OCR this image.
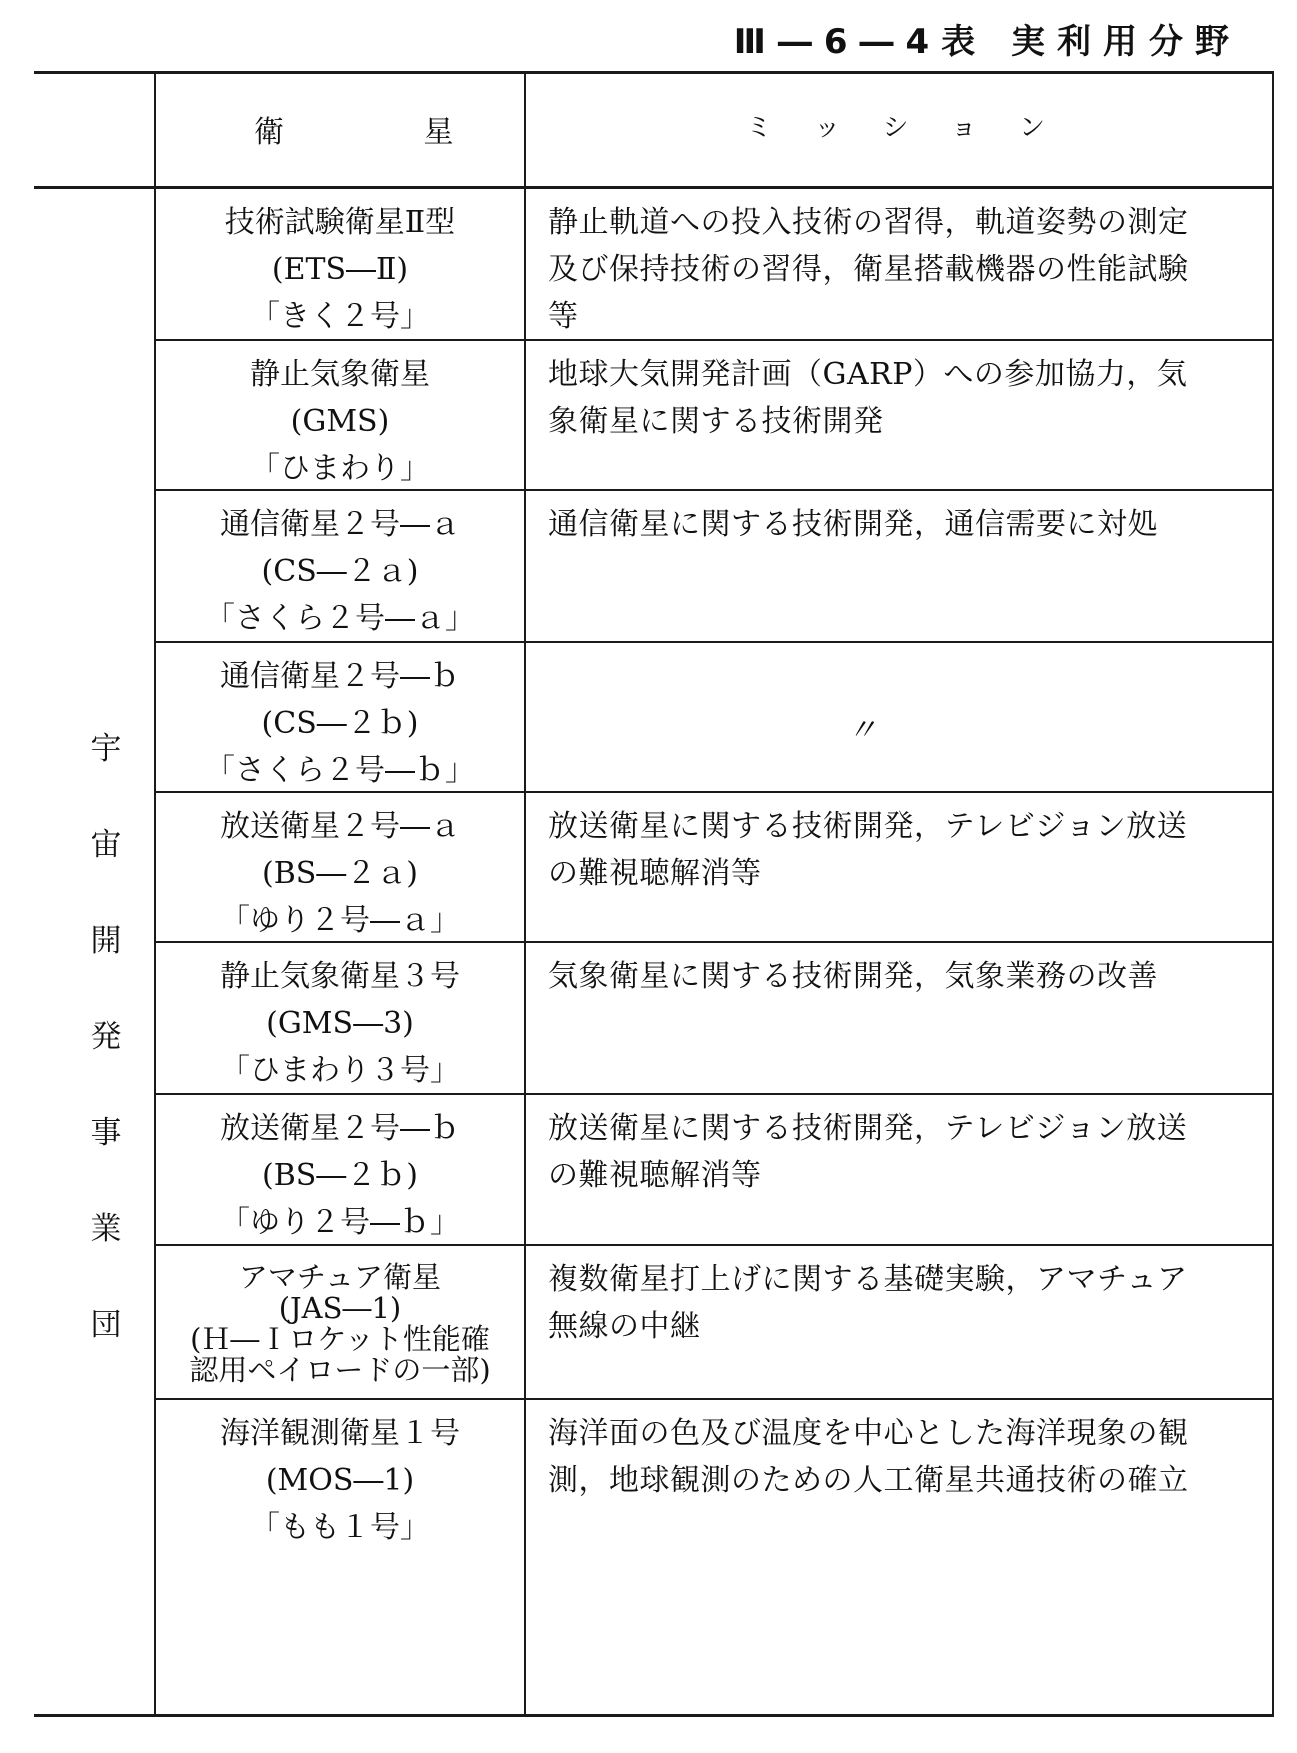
Ⅲ―6―4表 実利用分野
衛 星	ミ ッ シ ョ ン
宇
宙
開
発
事
業
団
技術試験衛星Ⅱ型
(ETS―Ⅱ)
「きく２号」
静止軌道への投入技術の習得，軌道姿勢の測定
及び保持技術の習得，衛星搭載機器の性能試験
等
静止気象衛星
(GMS)
「ひまわり」
地球大気開発計画（GARP）への参加協力，気
象衛星に関する技術開発
通信衛星２号―ａ
(CS―２ａ)
「さくら２号―ａ」
通信衛星に関する技術開発，通信需要に対処
通信衛星２号―ｂ
(CS―２ｂ)
「さくら２号―ｂ」
〃
放送衛星２号―ａ
(BS―２ａ)
「ゆり２号―ａ」
放送衛星に関する技術開発，テレビジョン放送
の難視聴解消等
静止気象衛星３号
(GMS―3)
「ひまわり３号」
気象衛星に関する技術開発，気象業務の改善
放送衛星２号―ｂ
(BS―２ｂ)
「ゆり２号―ｂ」
放送衛星に関する技術開発，テレビジョン放送
の難視聴解消等
アマチュア衛星
(JAS―1)
(Ｈ―Ｉロケット性能確
認用ペイロードの一部)
複数衛星打上げに関する基礎実験，アマチュア
無線の中継
海洋観測衛星１号
(MOS―1)
「もも１号」
海洋面の色及び温度を中心とした海洋現象の観
測，地球観測のための人工衛星共通技術の確立
